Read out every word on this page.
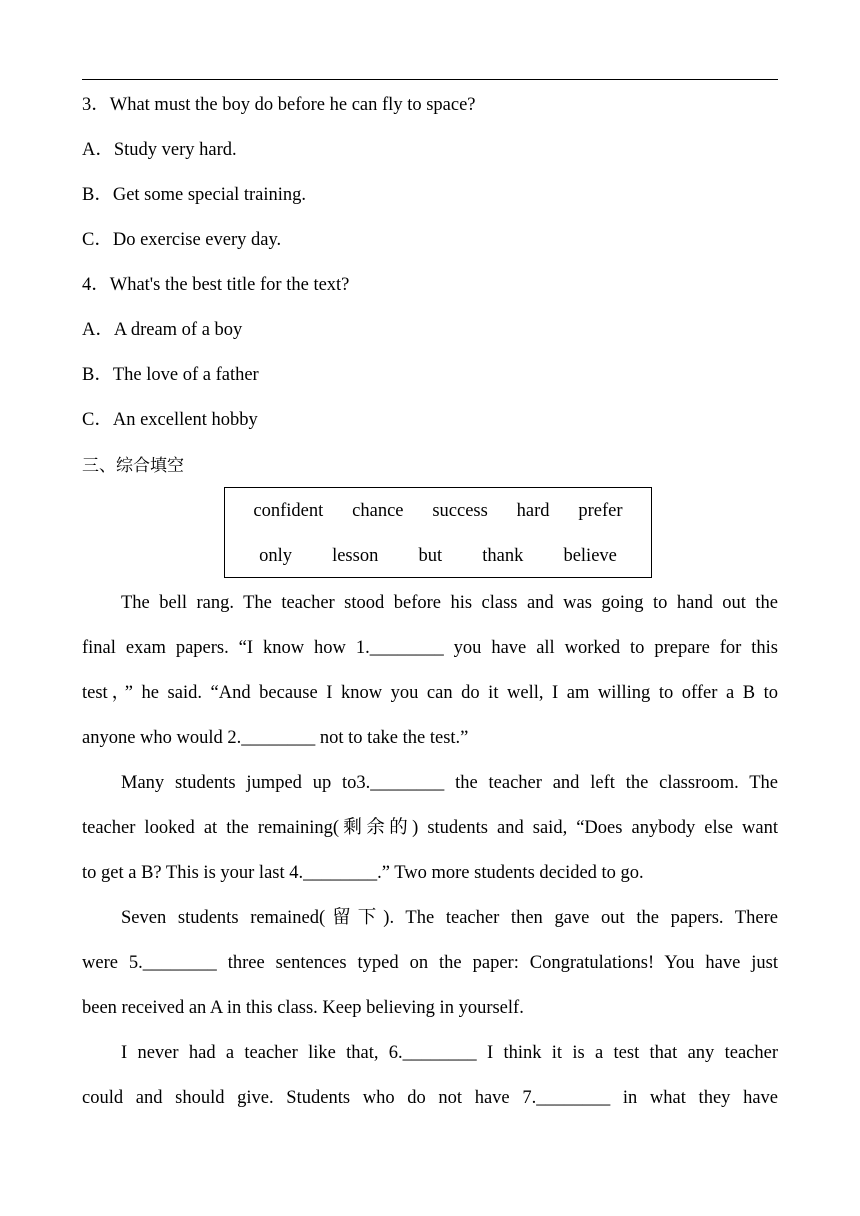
3．What must the boy do before he can fly to space?
A．Study very hard.
B．Get some special training.
C．Do exercise every day.
4．What's the best title for the text?
A．A dream of a boy
B．The love of a father
C．An excellent hobby
三、综合填空
confident chance success hard prefer
only lesson but thank believe
The bell rang. The teacher stood before his class and was going to hand out the
final exam papers. “I know how 1.________ you have all worked to prepare for this
test，” he said. “And because I know you can do it well, I am willing to offer a B to
anyone who would 2.________ not to take the test.”
Many students jumped up to3.________ the teacher and left the classroom. The
teacher looked at the remaining(剩余的) students and said, “Does anybody else want
to get a B? This is your last 4.________.” Two more students decided to go.
Seven students remained(留下). The teacher then gave out the papers. There
were 5.________ three sentences typed on the paper: Congratulations! You have just
been received an A in this class. Keep believing in yourself.
I never had a teacher like that, 6.________ I think it is a test that any teacher
could and should give. Students who do not have 7.________ in what they have
